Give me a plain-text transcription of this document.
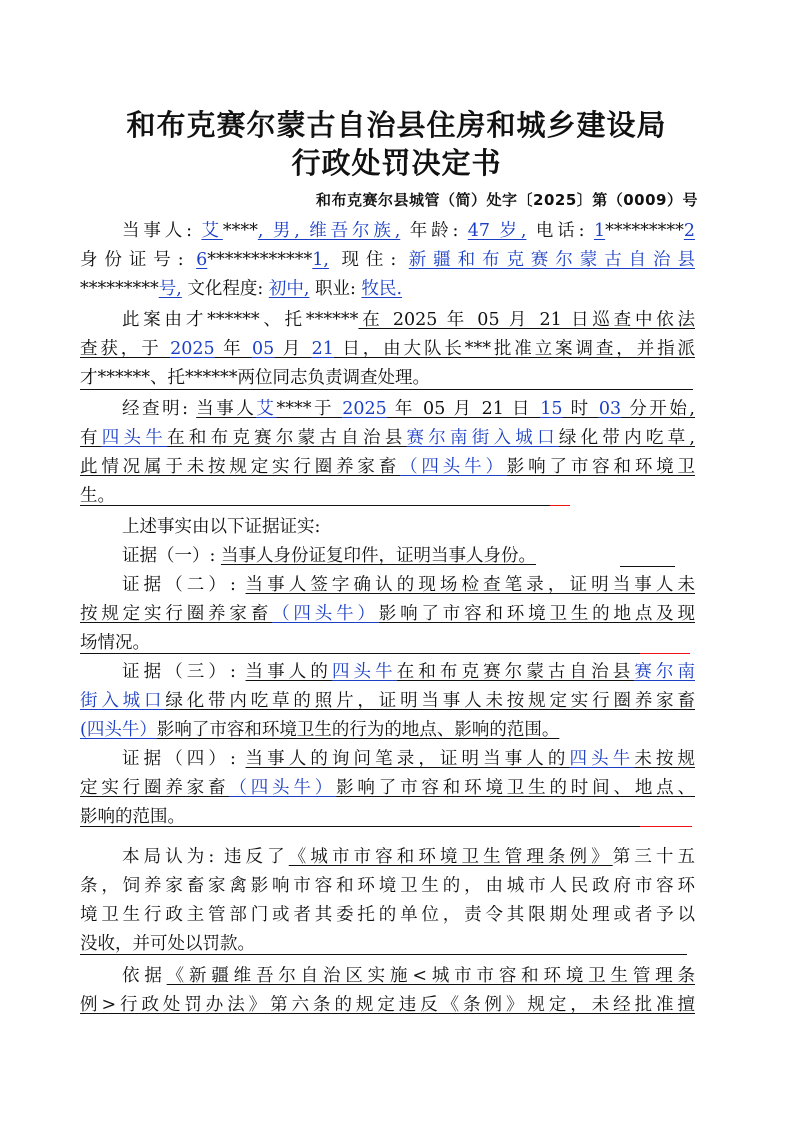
和布克赛尔蒙古自治县住房和城乡建设局
行政处罚决定书
和布克赛尔县城管（简）处字〔2025〕第（0009）号
当事人: 艾****, 男, 维吾尔族, 年龄: 47 岁, 电话: 1*********2
身份证号: 6************1, 现住: 新疆和布克赛尔蒙古自治县
*********号, 文化程度: 初中, 职业: 牧民.
此案由才******、托******在 2025 年 05 月 21 日巡查中依法
查获，于 2025 年 05 月 21 日，由大队长***批准立案调查，并指派
才******、托******两位同志负责调查处理。
经查明: 当事人艾****于 2025 年 05 月 21 日 15 时 03 分开始,
有四头牛在和布克赛尔蒙古自治县赛尔南街入城口绿化带内吃草,
此情况属于未按规定实行圈养家畜（四头牛）影响了市容和环境卫
生。
上述事实由以下证据证实:
证据（一）: 当事人身份证复印件，证明当事人身份。
证据（二）: 当事人签字确认的现场检查笔录，证明当事人未
按规定实行圈养家畜（四头牛）影响了市容和环境卫生的地点及现
场情况。
证据（三）: 当事人的四头牛在和布克赛尔蒙古自治县赛尔南
街入城口绿化带内吃草的照片，证明当事人未按规定实行圈养家畜
(四头牛）影响了市容和环境卫生的行为的地点、影响的范围。
证据（四）: 当事人的询问笔录，证明当事人的四头牛未按规
定实行圈养家畜（四头牛）影响了市容和环境卫生的时间、地点、
影响的范围。
本局认为: 违反了《城市市容和环境卫生管理条例》第三十五
条，饲养家畜家禽影响市容和环境卫生的，由城市人民政府市容环
境卫生行政主管部门或者其委托的单位，责令其限期处理或者予以
没收，并可处以罚款。
依据《新疆维吾尔自治区实施<城市市容和环境卫生管理条
例>行政处罚办法》第六条的规定违反《条例》规定，未经批准擅
